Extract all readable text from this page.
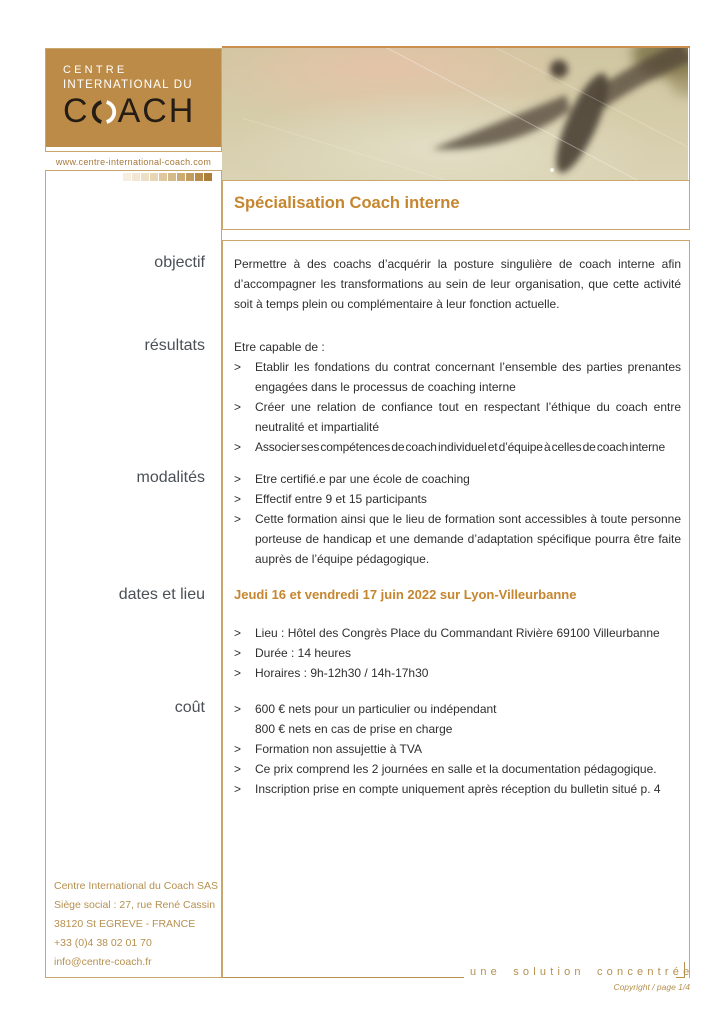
CENTRE
INTERNATIONAL DU
C ACH
www.centre-international-coach.com
objectif
résultats
modalités
dates et lieu
coût
Centre International du Coach SAS
Siège social : 27, rue René Cassin
38120 St EGREVE - FRANCE
+33 (0)4 38 02 01 70
info@centre-coach.fr
Spécialisation Coach interne
Permettre à des coachs d’acquérir la posture singulière de coach interne afin d’accompagner les transformations au sein de leur organisation, que cette activité soit à temps plein ou complémentaire à leur fonction actuelle.
Etre capable de :
>	Etablir les fondations du contrat concernant l’ensemble des parties prenantes engagées dans le processus de coaching interne
>	Créer une relation de confiance tout en respectant l’éthique du coach entre neutralité et impartialité
>	Associer ses compétences de coach individuel et d’équipe à celles de coach interne
>	Etre certifié.e par une école de coaching
>	Effectif entre 9 et 15 participants
>	Cette formation ainsi que le lieu de formation sont accessibles à toute personne porteuse de handicap et une demande d’adaptation spécifique pourra être faite auprès de l’équipe pédagogique.
Jeudi 16 et vendredi 17 juin 2022 sur Lyon-Villeurbanne
>	Lieu : Hôtel des Congrès Place du Commandant Rivière 69100 Villeurbanne
>	Durée : 14 heures
>	Horaires : 9h-12h30 / 14h-17h30
>	600 € nets pour un particulier ou indépendant
800 € nets en cas de prise en charge
>	Formation non assujettie à TVA
>	Ce prix comprend les 2 journées en salle et la documentation pédagogique.
>	Inscription prise en compte uniquement après réception du bulletin situé p. 4
une solution concentrée
Copyright / page 1/4
